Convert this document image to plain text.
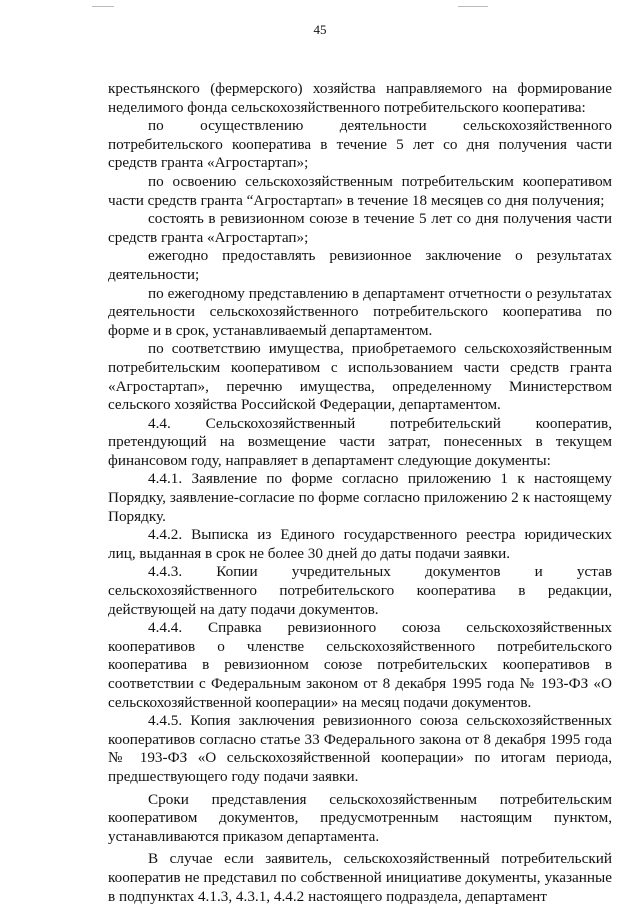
45

крестьянского (фермерского) хозяйства направляемого на формирование неделимого фонда сельскохозяйственного потребительского кооператива:

по осуществлению деятельности сельскохозяйственного потребительского кооператива в течение 5 лет со дня получения части средств гранта «Агростартап»;

по освоению сельскохозяйственным потребительским кооперативом части средств гранта “Агростартап» в течение 18 месяцев со дня получения;

состоять в ревизионном союзе в течение 5 лет со дня получения части средств гранта «Агростартап»;

ежегодно предоставлять ревизионное заключение о результатах деятельности;

по ежегодному представлению в департамент отчетности о результатах деятельности сельскохозяйственного потребительского кооператива по форме и в срок, устанавливаемый департаментом.

по соответствию имущества, приобретаемого сельскохозяйственным потребительским кооперативом с использованием части средств гранта «Агростартап», перечню имущества, определенному Министерством сельского хозяйства Российской Федерации, департаментом.

4.4. Сельскохозяйственный потребительский кооператив, претендующий на возмещение части затрат, понесенных в текущем финансовом году, направляет в департамент следующие документы:

4.4.1. Заявление по форме согласно приложению 1 к настоящему Порядку, заявление-согласие по форме согласно приложению 2 к настоящему Порядку.

4.4.2. Выписка из Единого государственного реестра юридических лиц, выданная в срок не более 30 дней до даты подачи заявки.

4.4.3. Копии учредительных документов и устав сельскохозяйственного потребительского кооператива в редакции, действующей на дату подачи документов.

4.4.4. Справка ревизионного союза сельскохозяйственных кооперативов о членстве сельскохозяйственного потребительского кооператива в ревизионном союзе потребительских кооперативов в соответствии с Федеральным законом от 8 декабря 1995 года № 193-ФЗ «О сельскохозяйственной кооперации» на месяц подачи документов.

4.4.5. Копия заключения ревизионного союза сельскохозяйственных кооперативов согласно статье 33 Федерального закона от 8 декабря 1995 года № 193-ФЗ «О сельскохозяйственной кооперации» по итогам периода, предшествующего году подачи заявки.

Сроки представления сельскохозяйственным потребительским кооперативом документов, предусмотренным настоящим пунктом, устанавливаются приказом департамента.

В случае если заявитель, сельскохозяйственный потребительский кооператив не представил по собственной инициативе документы, указанные в подпунктах 4.1.3, 4.3.1, 4.4.2 настоящего подраздела, департамент
